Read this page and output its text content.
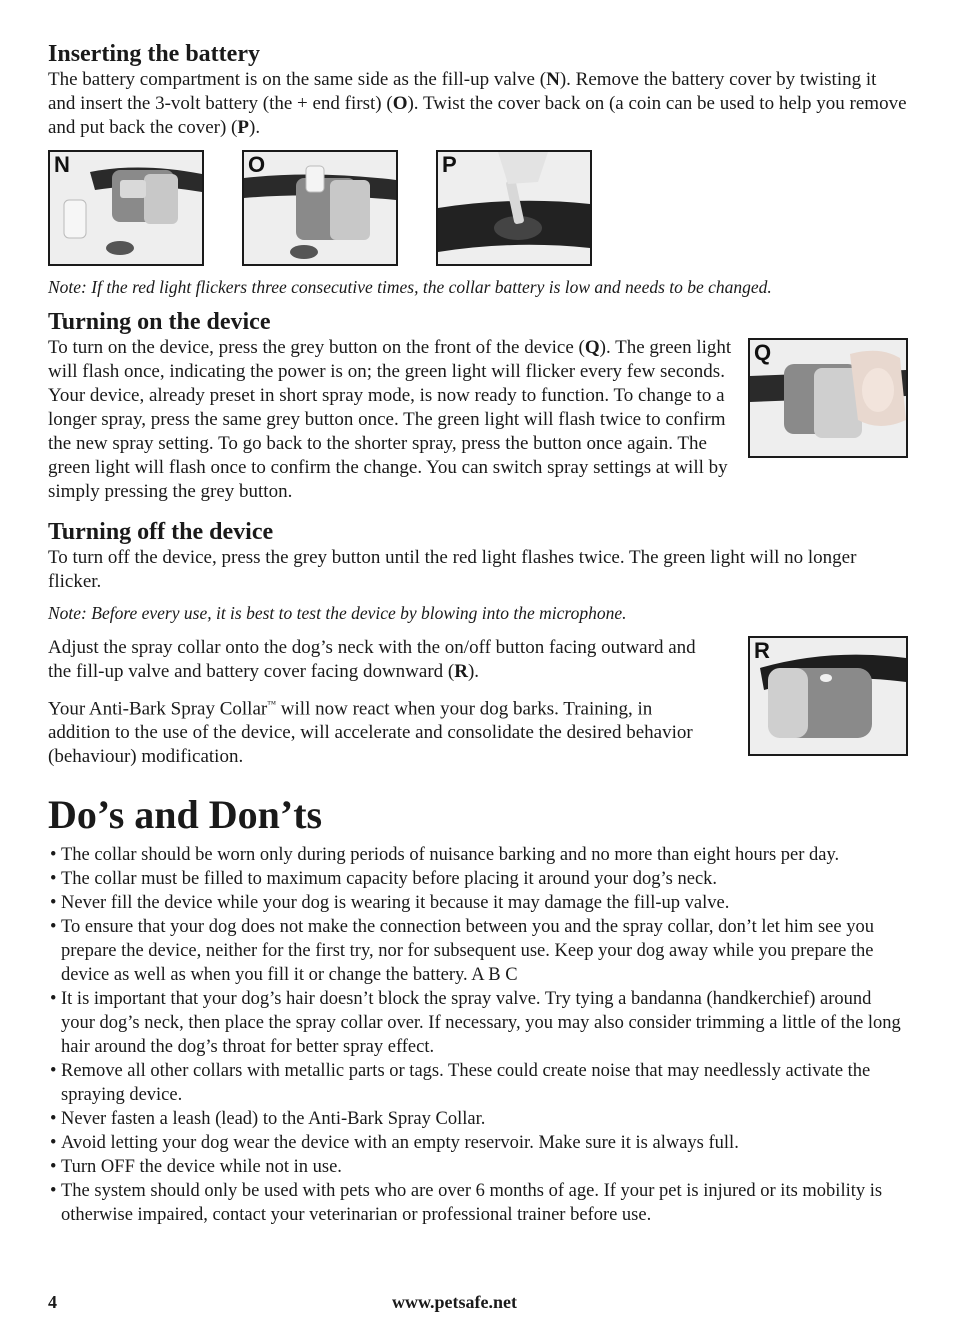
Inserting the battery

The battery compartment is on the same side as the fill-up valve (N). Remove the battery cover by twisting it and insert the 3-volt battery (the + end first) (O). Twist the cover back on (a coin can be used to help you remove and put back the cover) (P).

N	O	P

Note: If the red light flickers three consecutive times, the collar battery is low and needs to be changed.

Turning on the device
Q

To turn on the device, press the grey button on the front of the device (Q). The green light will flash once, indicating the power is on; the green light will flicker every few seconds. Your device, already preset in short spray mode, is now ready to function. To change to a longer spray, press the same grey button once. The green light will flash twice to confirm the new spray setting. To go back to the shorter spray, press the button once again. The green light will flash once to confirm the change. You can switch spray settings at will by simply pressing the grey button.

Turning off the device

To turn off the device, press the grey button until the red light flashes twice. The green light will no longer flicker.

Note: Before every use, it is best to test the device by blowing into the microphone.

R

Adjust the spray collar onto the dog’s neck with the on/off button facing outward and the fill-up valve and battery cover facing downward (R).

Your Anti-Bark Spray Collar™ will now react when your dog barks. Training, in addition to the use of the device, will accelerate and consolidate the desired behavior (behaviour) modification.

Do’s and Don’ts
• The collar should be worn only during periods of nuisance barking and no more than eight hours per day.
• The collar must be filled to maximum capacity before placing it around your dog’s neck.
• Never fill the device while your dog is wearing it because it may damage the fill-up valve.
• To ensure that your dog does not make the connection between you and the spray collar, don’t let him see you prepare the device, neither for the first try, nor for subsequent use. Keep your dog away while you prepare the device as well as when you fill it or change the battery. A B C
• It is important that your dog’s hair doesn’t block the spray valve. Try tying a bandanna (handkerchief) around your dog’s neck, then place the spray collar over. If necessary, you may also consider trimming a little of the long hair around the dog’s throat for better spray effect.
• Remove all other collars with metallic parts or tags. These could create noise that may needlessly activate the spraying device.
• Never fasten a leash (lead) to the Anti-Bark Spray Collar.
• Avoid letting your dog wear the device with an empty reservoir. Make sure it is always full.
• Turn OFF the device while not in use.
• The system should only be used with pets who are over 6 months of age. If your pet is injured or its mobility is otherwise impaired, contact your veterinarian or professional trainer before use.
4	www.petsafe.net
